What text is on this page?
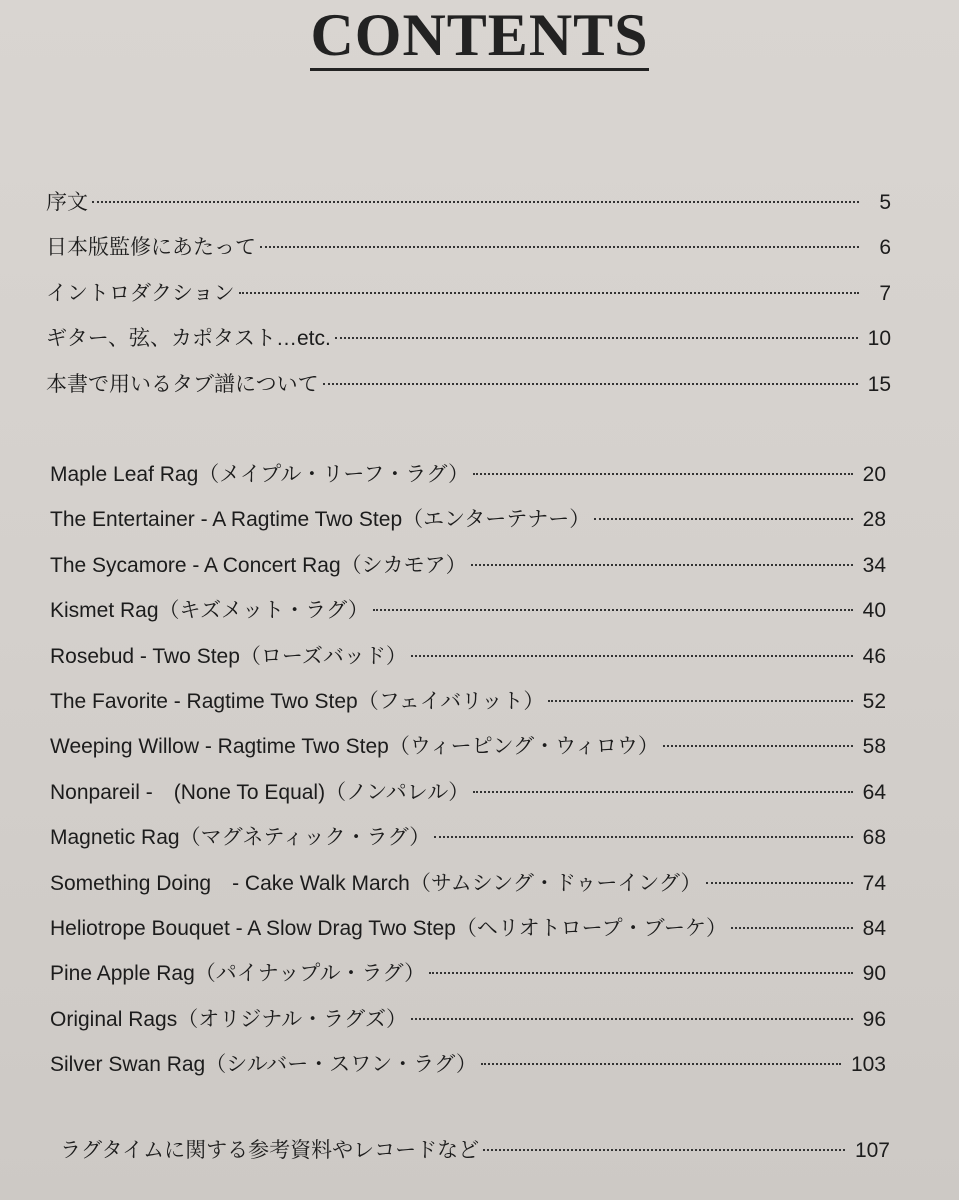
CONTENTS
序文	5
日本版監修にあたって	6
イントロダクション	7
ギター、弦、カポタスト…etc.	10
本書で用いるタブ譜について	15
Maple Leaf Rag（メイプル・リーフ・ラグ）	20
The Entertainer - A Ragtime Two Step（エンターテナー）	28
The Sycamore - A Concert Rag（シカモア）	34
Kismet Rag（キズメット・ラグ）	40
Rosebud - Two Step（ローズバッド）	46
The Favorite - Ragtime Two Step（フェイバリット）	52
Weeping Willow - Ragtime Two Step（ウィーピング・ウィロウ）	58
Nonpareil -　(None To Equal)（ノンパレル）	64
Magnetic Rag（マグネティック・ラグ）	68
Something Doing　- Cake Walk March（サムシング・ドゥーイング）	74
Heliotrope Bouquet - A Slow Drag Two Step（ヘリオトロープ・ブーケ）	84
Pine Apple Rag（パイナップル・ラグ）	90
Original Rags（オリジナル・ラグズ）	96
Silver Swan Rag（シルバー・スワン・ラグ）	103
ラグタイムに関する参考資料やレコードなど	107
